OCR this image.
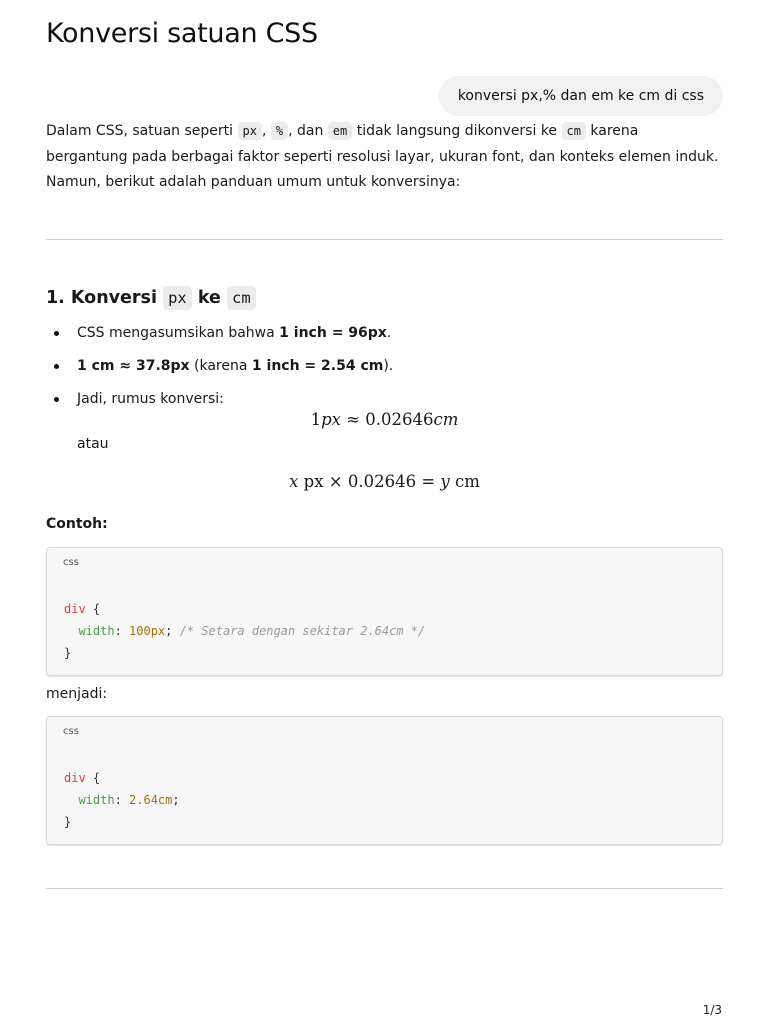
Konversi satuan CSS
konversi px,% dan em ke cm di css

Dalam CSS, satuan seperti px , % , dan em tidak langsung dikonversi ke cm karena bergantung pada berbagai faktor seperti resolusi layar, ukuran font, dan konteks elemen induk. Namun, berikut adalah panduan umum untuk konversinya:

1. Konversi px ke cm
CSS mengasumsikan bahwa 1 inch = 96px.
1 cm ≈ 37.8px (karena 1 inch = 2.54 cm).
Jadi, rumus konversi:
1px ≈ 0.02646cm
atau
x px × 0.02646 = y cm
Contoh:
css
div {
width: 100px; /* Setara dengan sekitar 2.64cm */
}
menjadi:
css
div {
width: 2.64cm;
}
1/3
